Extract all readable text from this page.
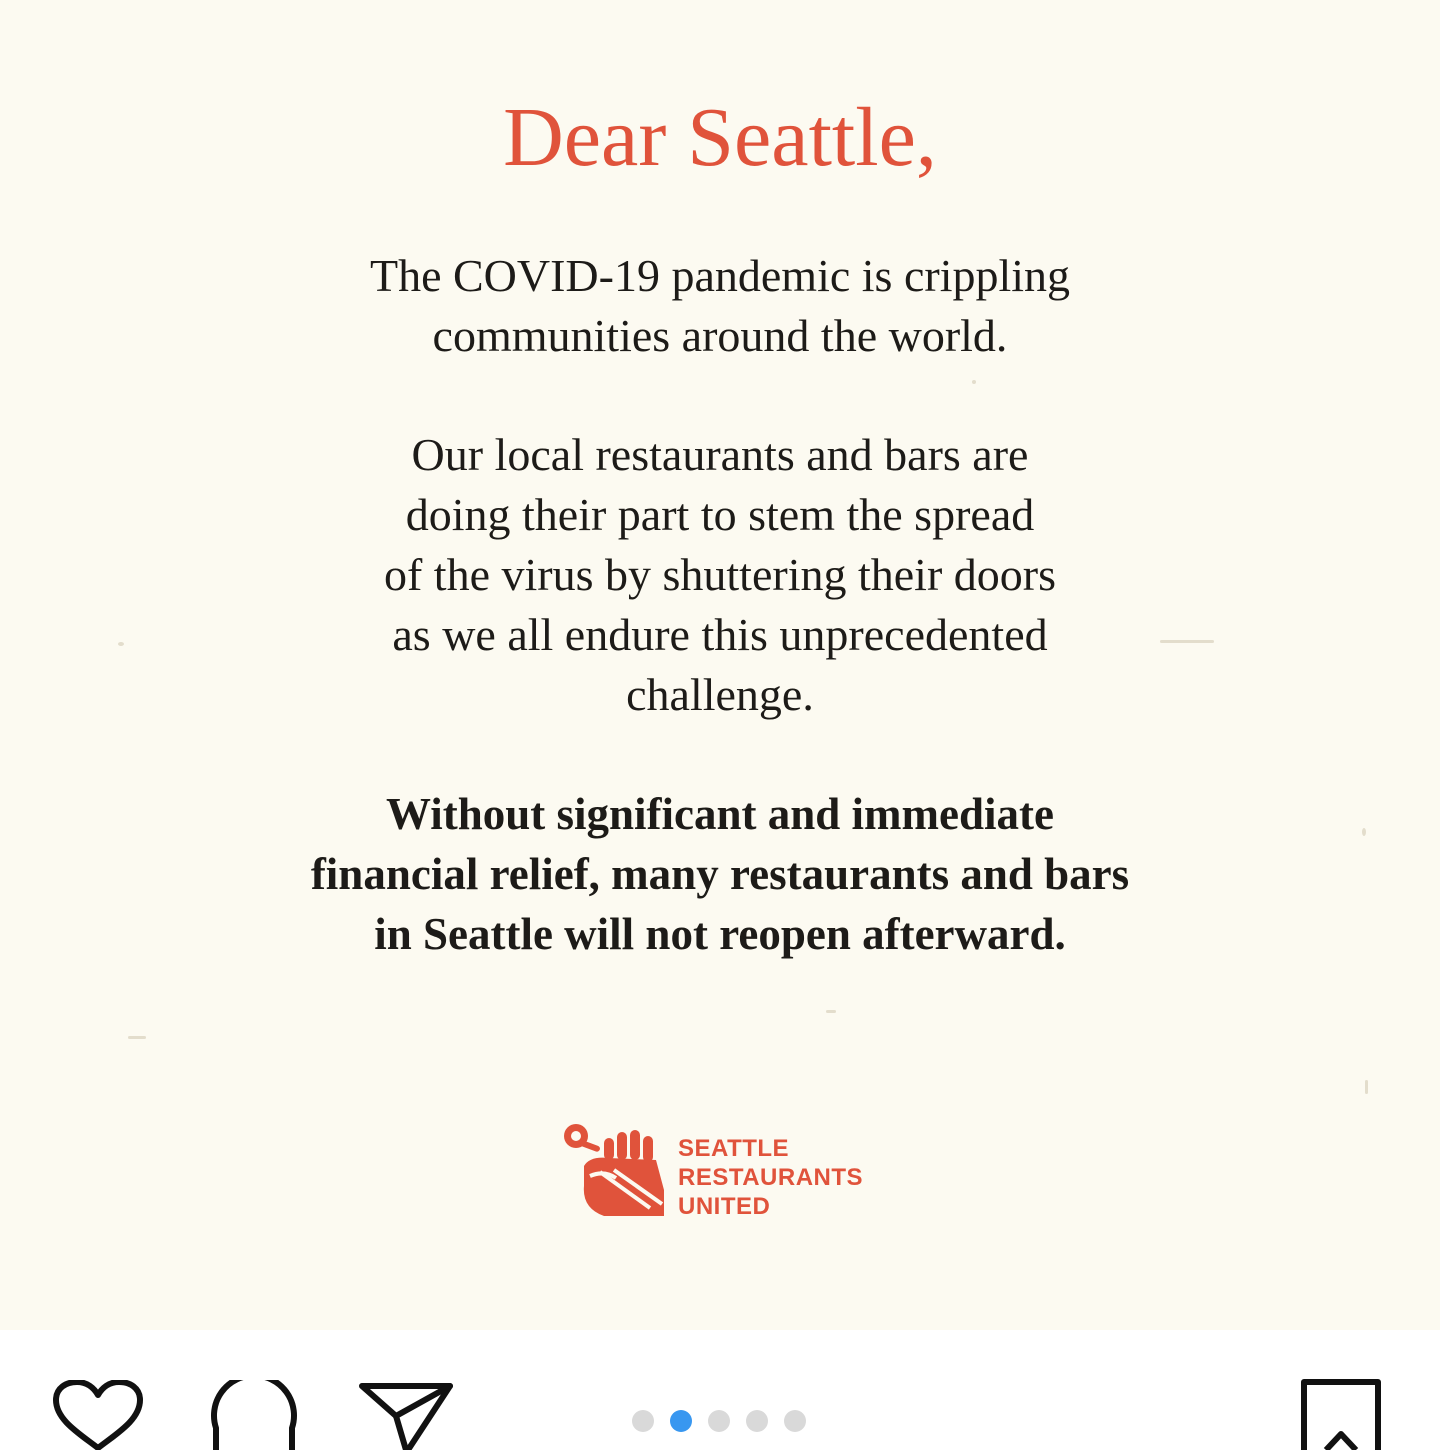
Dear Seattle,

The COVID-19 pandemic is crippling
communities around the world.

Our local restaurants and bars are
doing their part to stem the spread
of the virus by shuttering their doors
as we all endure this unprecedented
challenge.

Without significant and immediate
financial relief, many restaurants and bars
in Seattle will not reopen afterward.

SEATTLE
RESTAURANTS
UNITED
